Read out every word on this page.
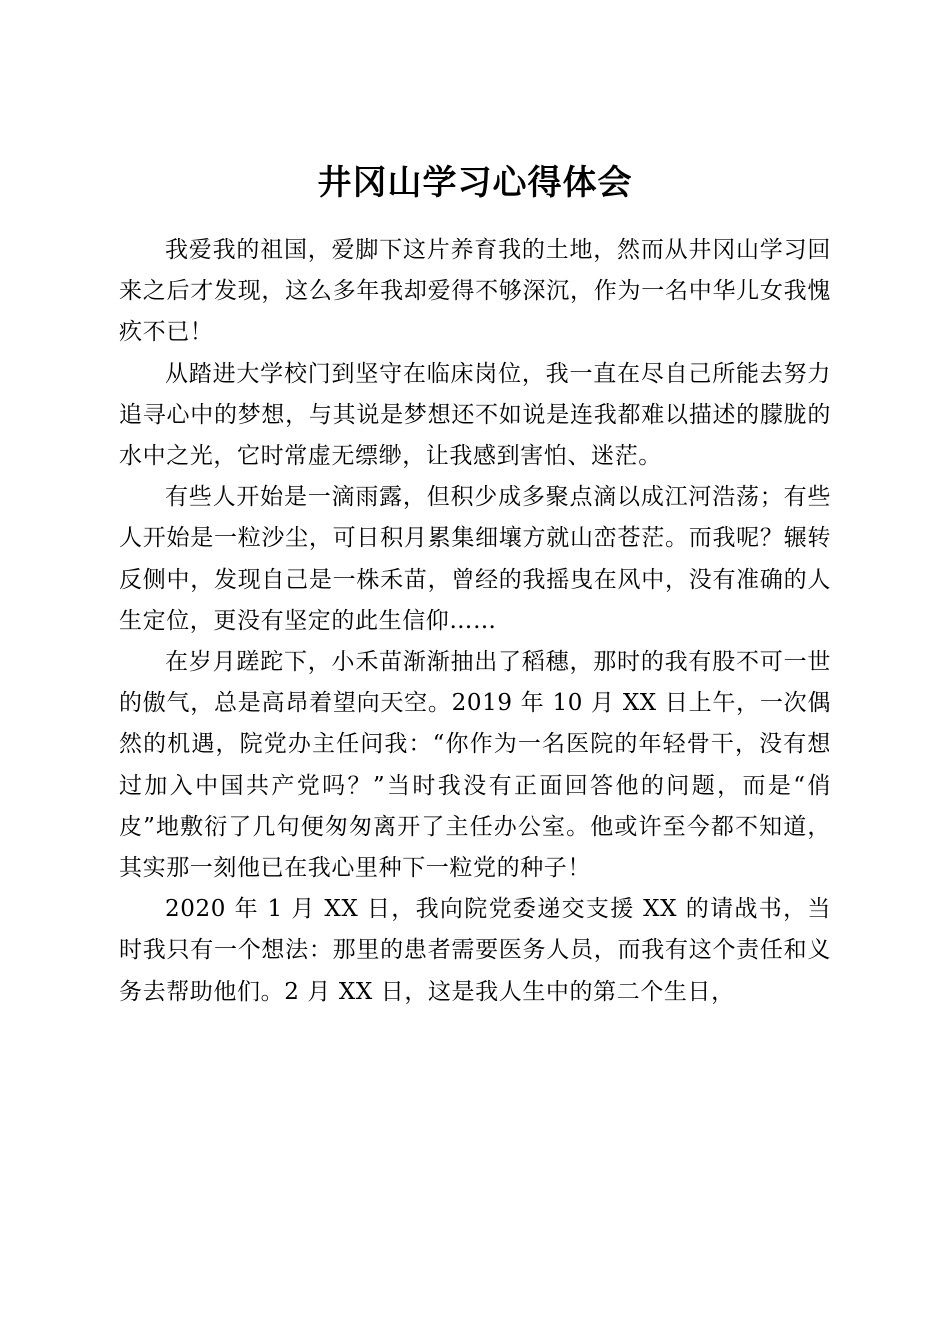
井冈山学习心得体会

我爱我的祖国，爱脚下这片养育我的土地，然而从井冈山学习回来之后才发现，这么多年我却爱得不够深沉，作为一名中华儿女我愧疚不已！

从踏进大学校门到坚守在临床岗位，我一直在尽自己所能去努力追寻心中的梦想，与其说是梦想还不如说是连我都难以描述的朦胧的水中之光，它时常虚无缥缈，让我感到害怕、迷茫。

有些人开始是一滴雨露，但积少成多聚点滴以成江河浩荡；有些人开始是一粒沙尘，可日积月累集细壤方就山峦苍茫。而我呢？辗转反侧中，发现自己是一株禾苗，曾经的我摇曳在风中，没有准确的人生定位，更没有坚定的此生信仰……

在岁月蹉跎下，小禾苗渐渐抽出了稻穗，那时的我有股不可一世的傲气，总是高昂着望向天空。2019 年 10 月 XX 日上午，一次偶然的机遇，院党办主任问我：“你作为一名医院的年轻骨干，没有想过加入中国共产党吗？”当时我没有正面回答他的问题，而是“俏皮”地敷衍了几句便匆匆离开了主任办公室。他或许至今都不知道，其实那一刻他已在我心里种下一粒党的种子！

2020 年 1 月 XX 日，我向院党委递交支援 XX 的请战书，当时我只有一个想法：那里的患者需要医务人员，而我有这个责任和义务去帮助他们。2 月 XX 日，这是我人生中的第二个生日，
